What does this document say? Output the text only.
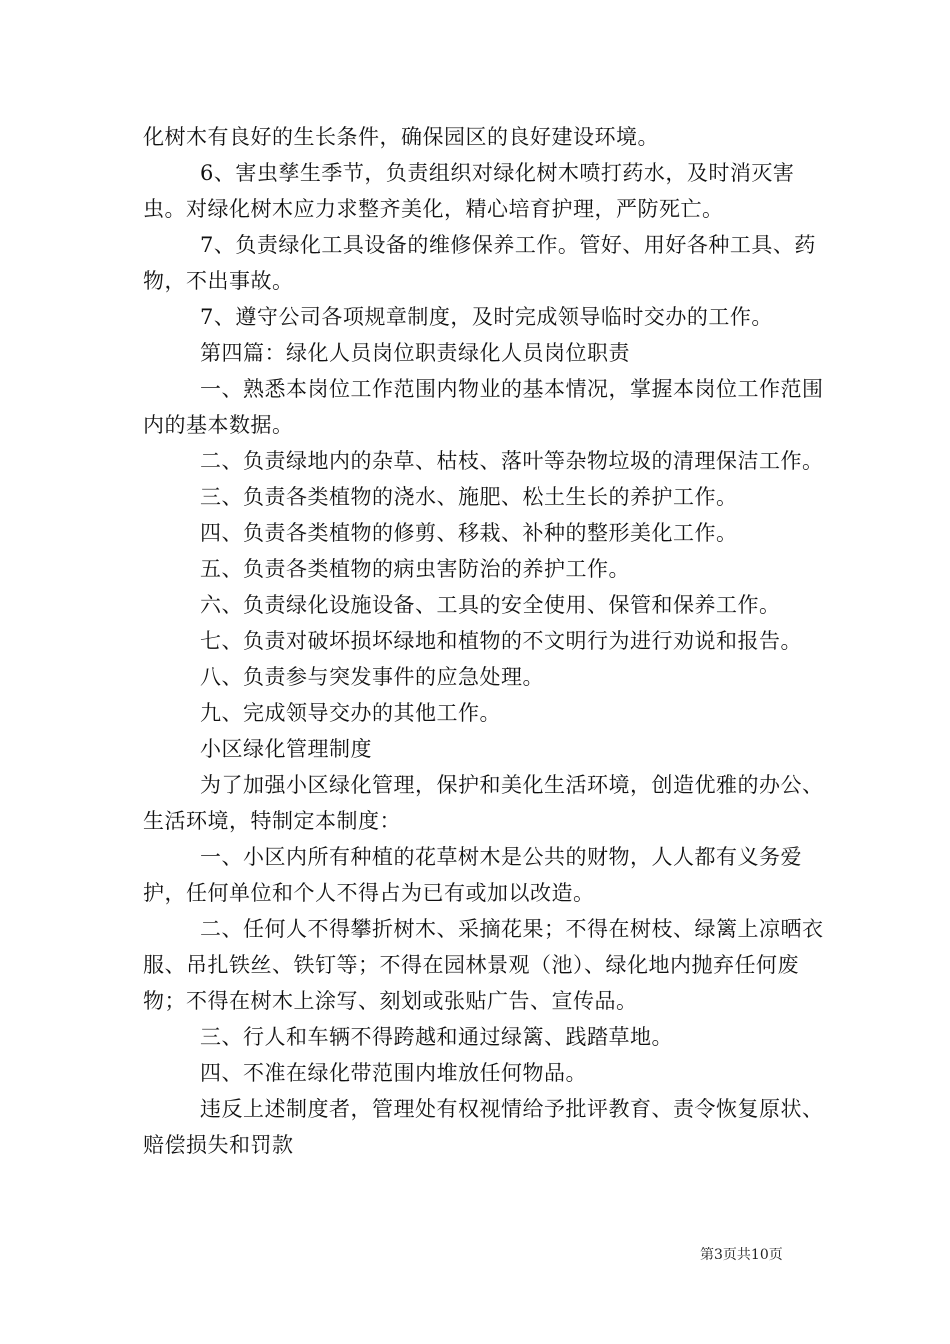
化树木有良好的生长条件，确保园区的良好建设环境。

6、害虫孳生季节，负责组织对绿化树木喷打药水，及时消灭害虫。对绿化树木应力求整齐美化，精心培育护理，严防死亡。

7、负责绿化工具设备的维修保养工作。管好、用好各种工具、药物，不出事故。

7、遵守公司各项规章制度，及时完成领导临时交办的工作。

第四篇：绿化人员岗位职责绿化人员岗位职责

一、熟悉本岗位工作范围内物业的基本情况，掌握本岗位工作范围内的基本数据。

二、负责绿地内的杂草、枯枝、落叶等杂物垃圾的清理保洁工作。

三、负责各类植物的浇水、施肥、松土生长的养护工作。

四、负责各类植物的修剪、移栽、补种的整形美化工作。

五、负责各类植物的病虫害防治的养护工作。

六、负责绿化设施设备、工具的安全使用、保管和保养工作。

七、负责对破坏损坏绿地和植物的不文明行为进行劝说和报告。

八、负责参与突发事件的应急处理。

九、完成领导交办的其他工作。

小区绿化管理制度

为了加强小区绿化管理，保护和美化生活环境，创造优雅的办公、生活环境，特制定本制度：

一、小区内所有种植的花草树木是公共的财物，人人都有义务爱护，任何单位和个人不得占为已有或加以改造。

二、任何人不得攀折树木、采摘花果；不得在树枝、绿篱上凉晒衣服、吊扎铁丝、铁钉等；不得在园林景观（池）、绿化地内抛弃任何废物；不得在树木上涂写、刻划或张贴广告、宣传品。

三、行人和车辆不得跨越和通过绿篱、践踏草地。

四、不准在绿化带范围内堆放任何物品。

违反上述制度者，管理处有权视情给予批评教育、责令恢复原状、赔偿损失和罚款

第3页共10页
